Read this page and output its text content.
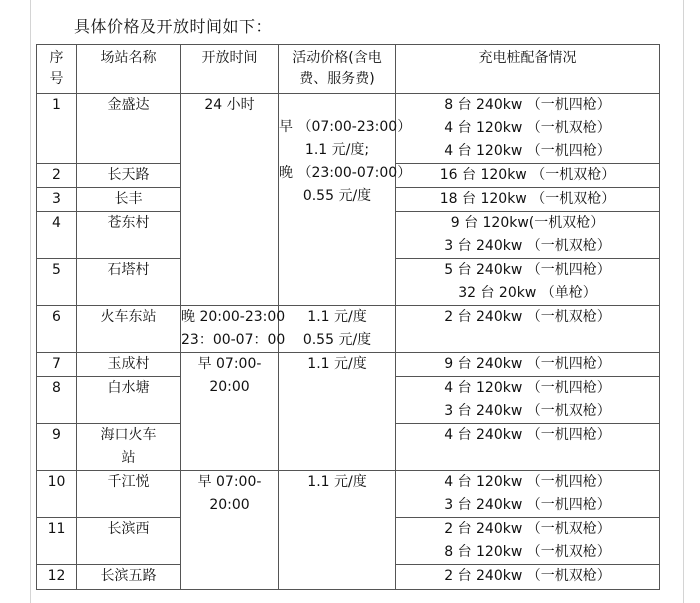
具体价格及开放时间如下：
序
号	场站名称	开放时间	活动价格(含电
费、服务费)	充电桩配备情况
1	金盛达	24 小时	早 （07:00-23:00）
1.1 元/度;
晚 （23:00-07:00）
0.55 元/度	8 台 240kw （一机四枪）
4 台 120kw （一机双枪）
4 台 120kw （一机四枪）

2	长天路			16 台 120kw （一机双枪）

3	长丰			18 台 120kw （一机双枪）

4	苍东村			9 台 120kw(一机双枪）
3 台 240kw （一机双枪）

5	石塔村			5 台 240kw （一机四枪）
32 台 20kw （单枪）

6	火车东站	晚 20:00-23:00
23：00-07：00	1.1 元/度
0.55 元/度	2 台 240kw （一机双枪）

7	玉成村	早 07:00-20:00	1.1 元/度	9 台 240kw （一机四枪）

8	白水塘			4 台 120kw （一机四枪）
3 台 240kw （一机双枪）

9	海口火车
站			4 台 240kw （一机四枪）

10	千江悦	早 07:00-20:00	1.1 元/度	4 台 120kw （一机四枪）
3 台 240kw （一机四枪）

11	长滨西			2 台 240kw （一机双枪）
8 台 120kw （一机双枪）

12	长滨五路			2 台 240kw （一机双枪）
